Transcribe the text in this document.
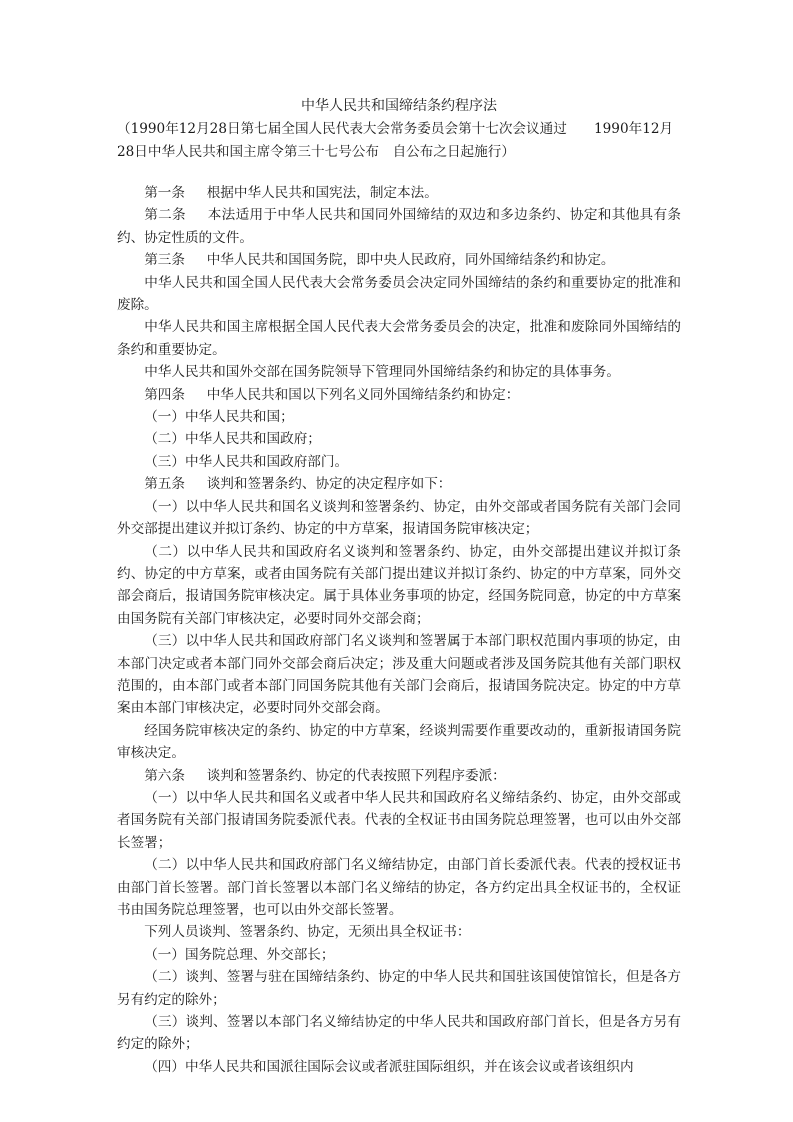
中华人民共和国缔结条约程序法

（1990年12月28日第七届全国人民代表大会常务委员会第十七次会议通过　　1990年12月28日中华人民共和国主席令第三十七号公布　自公布之日起施行）

第一条 根据中华人民共和国宪法，制定本法。

第二条 本法适用于中华人民共和国同外国缔结的双边和多边条约、协定和其他具有条约、协定性质的文件。

第三条 中华人民共和国国务院，即中央人民政府，同外国缔结条约和协定。

中华人民共和国全国人民代表大会常务委员会决定同外国缔结的条约和重要协定的批准和废除。

中华人民共和国主席根据全国人民代表大会常务委员会的决定，批准和废除同外国缔结的条约和重要协定。

中华人民共和国外交部在国务院领导下管理同外国缔结条约和协定的具体事务。

第四条 中华人民共和国以下列名义同外国缔结条约和协定：

（一）中华人民共和国；

（二）中华人民共和国政府；

（三）中华人民共和国政府部门。

第五条 谈判和签署条约、协定的决定程序如下：

（一）以中华人民共和国名义谈判和签署条约、协定，由外交部或者国务院有关部门会同外交部提出建议并拟订条约、协定的中方草案，报请国务院审核决定；

（二）以中华人民共和国政府名义谈判和签署条约、协定，由外交部提出建议并拟订条约、协定的中方草案，或者由国务院有关部门提出建议并拟订条约、协定的中方草案，同外交部会商后，报请国务院审核决定。属于具体业务事项的协定，经国务院同意，协定的中方草案由国务院有关部门审核决定，必要时同外交部会商；

（三）以中华人民共和国政府部门名义谈判和签署属于本部门职权范围内事项的协定，由本部门决定或者本部门同外交部会商后决定；涉及重大问题或者涉及国务院其他有关部门职权范围的，由本部门或者本部门同国务院其他有关部门会商后，报请国务院决定。协定的中方草案由本部门审核决定，必要时同外交部会商。

经国务院审核决定的条约、协定的中方草案，经谈判需要作重要改动的，重新报请国务院审核决定。

第六条 谈判和签署条约、协定的代表按照下列程序委派：

（一）以中华人民共和国名义或者中华人民共和国政府名义缔结条约、协定，由外交部或者国务院有关部门报请国务院委派代表。代表的全权证书由国务院总理签署，也可以由外交部长签署；

（二）以中华人民共和国政府部门名义缔结协定，由部门首长委派代表。代表的授权证书由部门首长签署。部门首长签署以本部门名义缔结的协定，各方约定出具全权证书的，全权证书由国务院总理签署，也可以由外交部长签署。

下列人员谈判、签署条约、协定，无须出具全权证书：

（一）国务院总理、外交部长；

（二）谈判、签署与驻在国缔结条约、协定的中华人民共和国驻该国使馆馆长，但是各方另有约定的除外；

（三）谈判、签署以本部门名义缔结协定的中华人民共和国政府部门首长，但是各方另有约定的除外；

（四）中华人民共和国派往国际会议或者派驻国际组织，并在该会议或者该组织内
